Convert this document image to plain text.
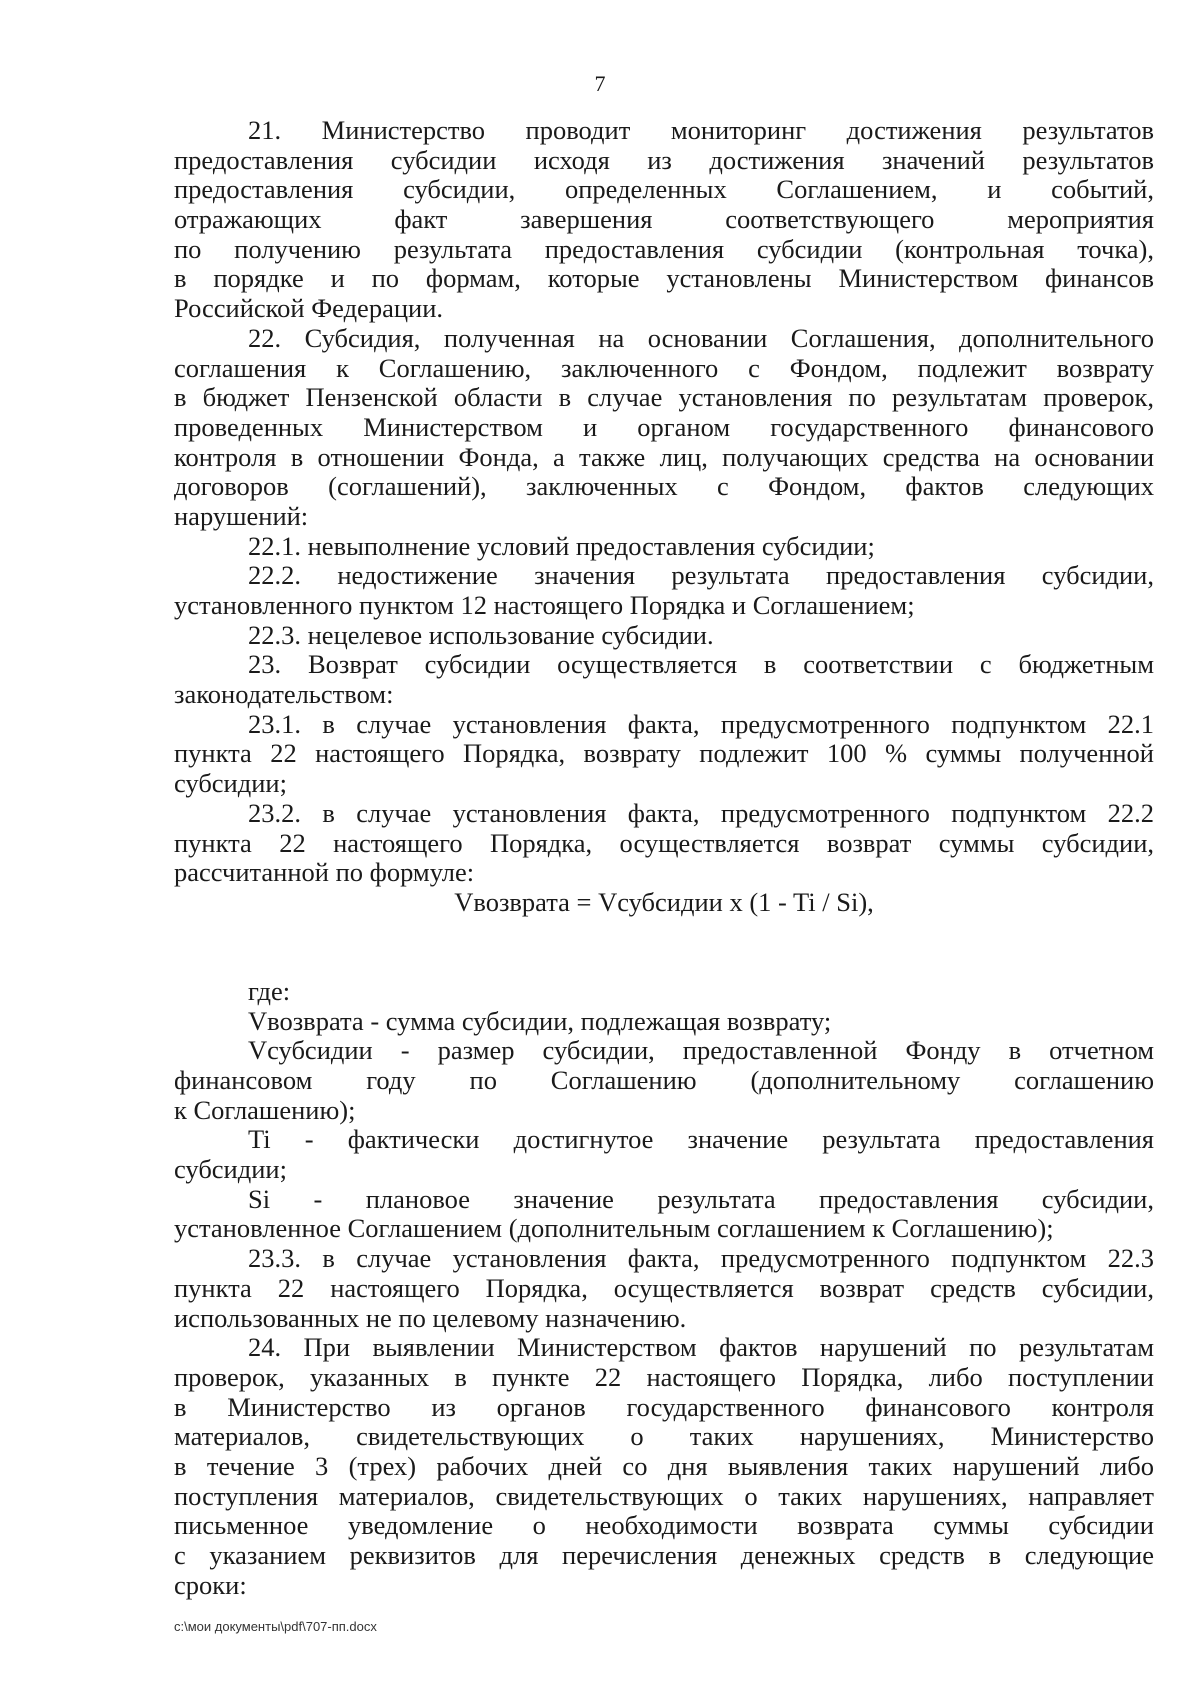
7
21. Министерство проводит мониторинг достижения результатов
предоставления субсидии исходя из достижения значений результатов
предоставления субсидии, определенных Соглашением, и событий,
отражающих факт завершения соответствующего мероприятия
по получению результата предоставления субсидии (контрольная точка),
в порядке и по формам, которые установлены Министерством финансов
Российской Федерации.
22. Субсидия, полученная на основании Соглашения, дополнительного
соглашения к Соглашению, заключенного с Фондом, подлежит возврату
в бюджет Пензенской области в случае установления по результатам проверок,
проведенных Министерством и органом государственного финансового
контроля в отношении Фонда, а также лиц, получающих средства на основании
договоров (соглашений), заключенных с Фондом, фактов следующих
нарушений:
22.1. невыполнение условий предоставления субсидии;
22.2. недостижение значения результата предоставления субсидии,
установленного пунктом 12 настоящего Порядка и Соглашением;
22.3. нецелевое использование субсидии.
23. Возврат субсидии осуществляется в соответствии с бюджетным
законодательством:
23.1. в случае установления факта, предусмотренного подпунктом 22.1
пункта 22 настоящего Порядка, возврату подлежит 100 % суммы полученной
субсидии;
23.2. в случае установления факта, предусмотренного подпунктом 22.2
пункта 22 настоящего Порядка, осуществляется возврат суммы субсидии,
рассчитанной по формуле:
Vвозврата = Vсубсидии x (1 - Ti / Si),
где:
Vвозврата - сумма субсидии, подлежащая возврату;
Vсубсидии - размер субсидии, предоставленной Фонду в отчетном
финансовом году по Соглашению (дополнительному соглашению
к Соглашению);
Ti - фактически достигнутое значение результата предоставления
субсидии;
Si - плановое значение результата предоставления субсидии,
установленное Соглашением (дополнительным соглашением к Соглашению);
23.3. в случае установления факта, предусмотренного подпунктом 22.3
пункта 22 настоящего Порядка, осуществляется возврат средств субсидии,
использованных не по целевому назначению.
24. При выявлении Министерством фактов нарушений по результатам
проверок, указанных в пункте 22 настоящего Порядка, либо поступлении
в Министерство из органов государственного финансового контроля
материалов, свидетельствующих о таких нарушениях, Министерство
в течение 3 (трех) рабочих дней со дня выявления таких нарушений либо
поступления материалов, свидетельствующих о таких нарушениях, направляет
письменное уведомление о необходимости возврата суммы субсидии
с указанием реквизитов для перечисления денежных средств в следующие
сроки:
c:\мои документы\pdf\707-пп.docx
